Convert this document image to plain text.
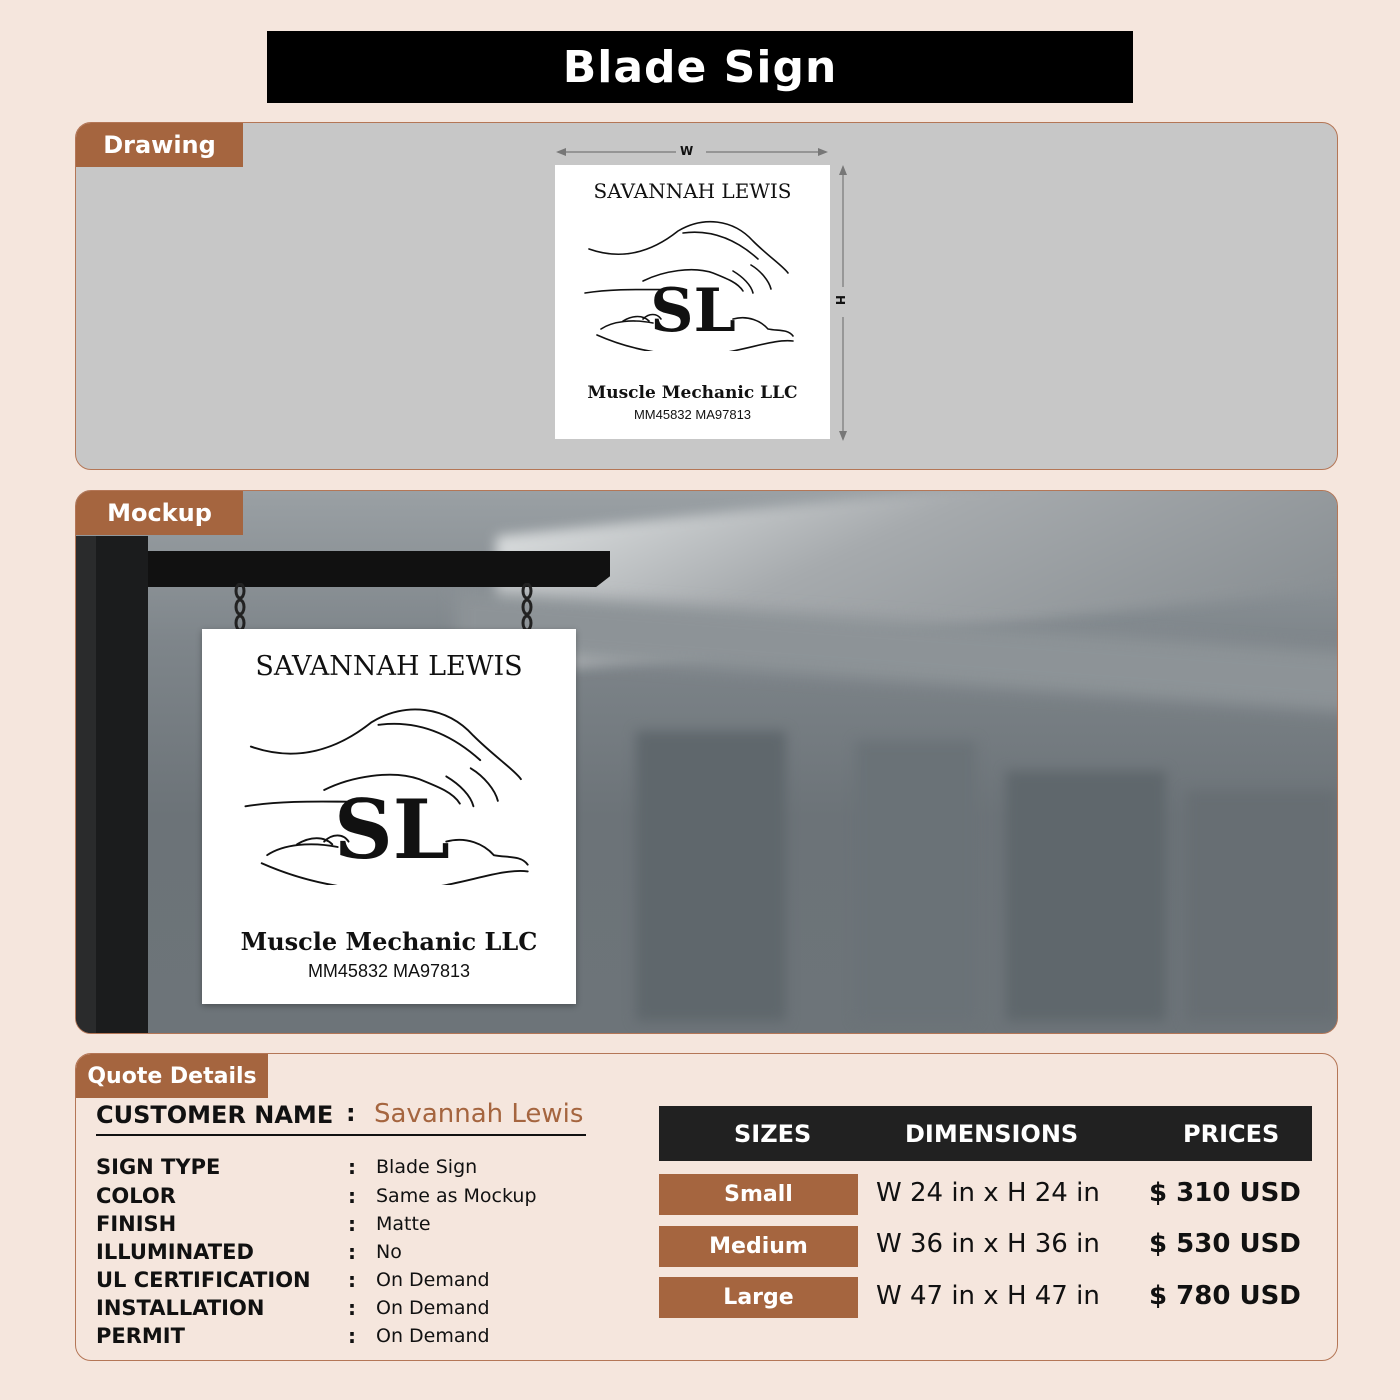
Blade Sign
Drawing	W
H
SAVANNAH LEWIS
SL
Muscle Mechanic LLC
MM45832 MA97813
Mockup
SAVANNAH LEWIS
SL
Muscle Mechanic LLC
MM45832 MA97813
Quote Details
CUSTOMER NAME : Savannah Lewis
SIGN TYPE	: Blade Sign
COLOR	: Same as Mockup
FINISH	: Matte
ILLUMINATED	: No
UL CERTIFICATION : On Demand
INSTALLATION	: On Demand
PERMIT	: On Demand
SIZES	DIMENSIONS	PRICES
Small	W 24 in x H 24 in $ 310 USD
Medium	W 36 in x H 36 in $ 530 USD
Large	W 47 in x H 47 in $ 780 USD
